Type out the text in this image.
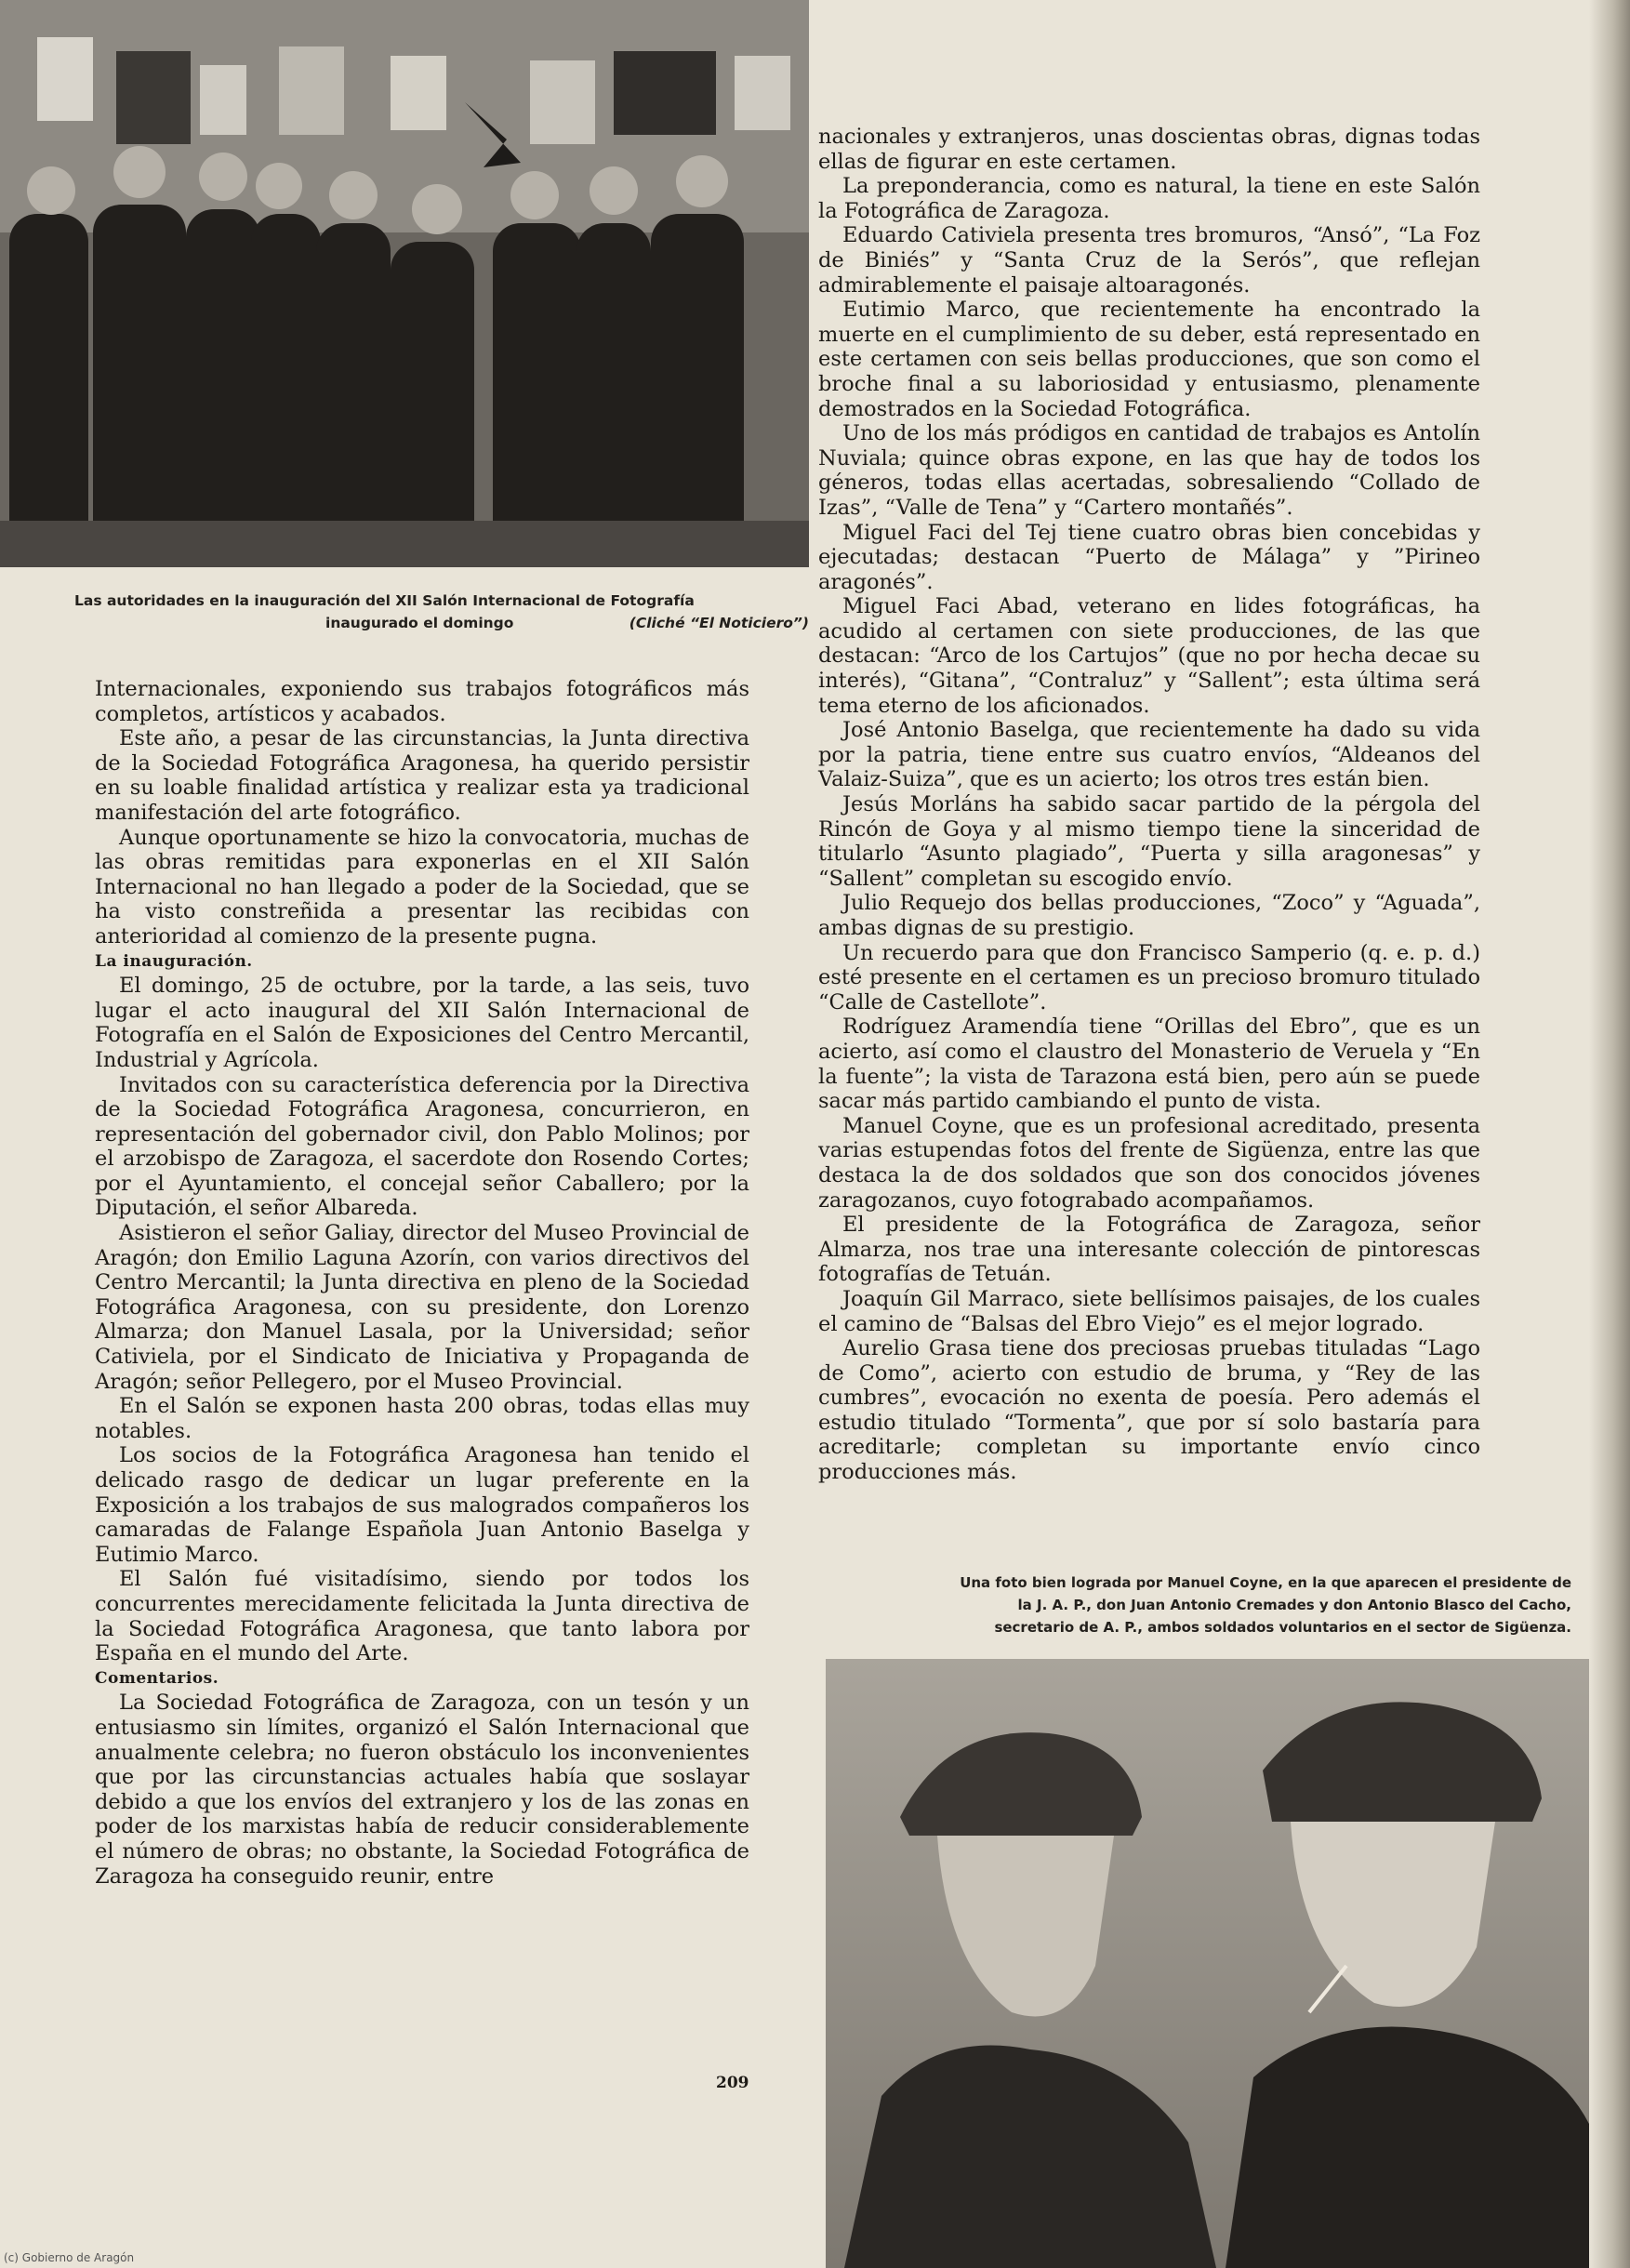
Las autoridades en la inauguración del XII Salón Internacional de Fotografía
inaugurado el domingo	(Cliché “El Noticiero”)

Internacionales, exponiendo sus trabajos fotográficos más completos, artísticos y acabados.

Este año, a pesar de las circunstancias, la Junta directiva de la Sociedad Fotográfica Aragonesa, ha querido persistir en su loable finalidad artística y realizar esta ya tradicional manifestación del arte fotográfico.

Aunque oportunamente se hizo la convocatoria, muchas de las obras remitidas para exponerlas en el XII Salón Internacional no han llegado a poder de la Sociedad, que se ha visto constreñida a presentar las recibidas con anterioridad al comienzo de la presente pugna.

La inauguración.

El domingo, 25 de octubre, por la tarde, a las seis, tuvo lugar el acto inaugural del XII Salón Internacional de Fotografía en el Salón de Exposiciones del Centro Mercantil, Industrial y Agrícola.

Invitados con su característica deferencia por la Directiva de la Sociedad Fotográfica Aragonesa, concurrieron, en representación del gobernador civil, don Pablo Molinos; por el arzobispo de Zaragoza, el sacerdote don Rosendo Cortes; por el Ayuntamiento, el concejal señor Caballero; por la Diputación, el señor Albareda.

Asistieron el señor Galiay, director del Museo Provincial de Aragón; don Emilio Laguna Azorín, con varios directivos del Centro Mercantil; la Junta directiva en pleno de la Sociedad Fotográfica Aragonesa, con su presidente, don Lorenzo Almarza; don Manuel Lasala, por la Universidad; señor Cativiela, por el Sindicato de Iniciativa y Propaganda de Aragón; señor Pellegero, por el Museo Provincial.

En el Salón se exponen hasta 200 obras, todas ellas muy notables.

Los socios de la Fotográfica Aragonesa han tenido el delicado rasgo de dedicar un lugar preferente en la Exposición a los trabajos de sus malogrados compañeros los camaradas de Falange Española Juan Antonio Baselga y Eutimio Marco.

El Salón fué visitadísimo, siendo por todos los concurrentes merecidamente felicitada la Junta directiva de la Sociedad Fotográfica Aragonesa, que tanto labora por España en el mundo del Arte.

Comentarios.

La Sociedad Fotográfica de Zaragoza, con un tesón y un entusiasmo sin límites, organizó el Salón Internacional que anualmente celebra; no fueron obstáculo los inconvenientes que por las circunstancias actuales había que soslayar debido a que los envíos del extranjero y los de las zonas en poder de los marxistas había de reducir considerablemente el número de obras; no obstante, la Sociedad Fotográfica de Zaragoza ha conseguido reunir, entre

209

nacionales y extranjeros, unas doscientas obras, dignas todas ellas de figurar en este certamen.

La preponderancia, como es natural, la tiene en este Salón la Fotográfica de Zaragoza.

Eduardo Cativiela presenta tres bromuros, “Ansó”, “La Foz de Biniés” y “Santa Cruz de la Serós”, que reflejan admirablemente el paisaje altoaragonés.

Eutimio Marco, que recientemente ha encontrado la muerte en el cumplimiento de su deber, está representado en este certamen con seis bellas producciones, que son como el broche final a su laboriosidad y entusiasmo, plenamente demostrados en la Sociedad Fotográfica.

Uno de los más pródigos en cantidad de trabajos es Antolín Nuviala; quince obras expone, en las que hay de todos los géneros, todas ellas acertadas, sobresaliendo “Collado de Izas”, “Valle de Tena” y “Cartero montañés”.

Miguel Faci del Tej tiene cuatro obras bien concebidas y ejecutadas; destacan “Puerto de Málaga” y ”Pirineo aragonés”.

Miguel Faci Abad, veterano en lides fotográficas, ha acudido al certamen con siete producciones, de las que destacan: “Arco de los Cartujos” (que no por hecha decae su interés), “Gitana”, “Contraluz” y “Sallent”; esta última será tema eterno de los aficionados.

José Antonio Baselga, que recientemente ha dado su vida por la patria, tiene entre sus cuatro envíos, “Aldeanos del Valaiz-Suiza”, que es un acierto; los otros tres están bien.

Jesús Morláns ha sabido sacar partido de la pérgola del Rincón de Goya y al mismo tiempo tiene la sinceridad de titularlo “Asunto plagiado”, “Puerta y silla aragonesas” y “Sallent” completan su escogido envío.

Julio Requejo dos bellas producciones, “Zoco” y “Aguada”, ambas dignas de su prestigio.

Un recuerdo para que don Francisco Samperio (q. e. p. d.) esté presente en el certamen es un precioso bromuro titulado “Calle de Castellote”.

Rodríguez Aramendía tiene “Orillas del Ebro”, que es un acierto, así como el claustro del Monasterio de Veruela y “En la fuente”; la vista de Tarazona está bien, pero aún se puede sacar más partido cambiando el punto de vista.

Manuel Coyne, que es un profesional acreditado, presenta varias estupendas fotos del frente de Sigüenza, entre las que destaca la de dos soldados que son dos conocidos jóvenes zaragozanos, cuyo fotograbado acompañamos.

El presidente de la Fotográfica de Zaragoza, señor Almarza, nos trae una interesante colección de pintorescas fotografías de Tetuán.

Joaquín Gil Marraco, siete bellísimos paisajes, de los cuales el camino de “Balsas del Ebro Viejo” es el mejor logrado.

Aurelio Grasa tiene dos preciosas pruebas tituladas “Lago de Como”, acierto con estudio de bruma, y “Rey de las cumbres”, evocación no exenta de poesía. Pero además el estudio titulado “Tormenta”, que por sí solo bastaría para acreditarle; completan su importante envío cinco producciones más.

Una foto bien lograda por Manuel Coyne, en la que aparecen el presidente de
la J. A. P., don Juan Antonio Cremades y don Antonio Blasco del Cacho,
secretario de A. P., ambos soldados voluntarios en el sector de Sigüenza.
(c) Gobierno de Aragón
